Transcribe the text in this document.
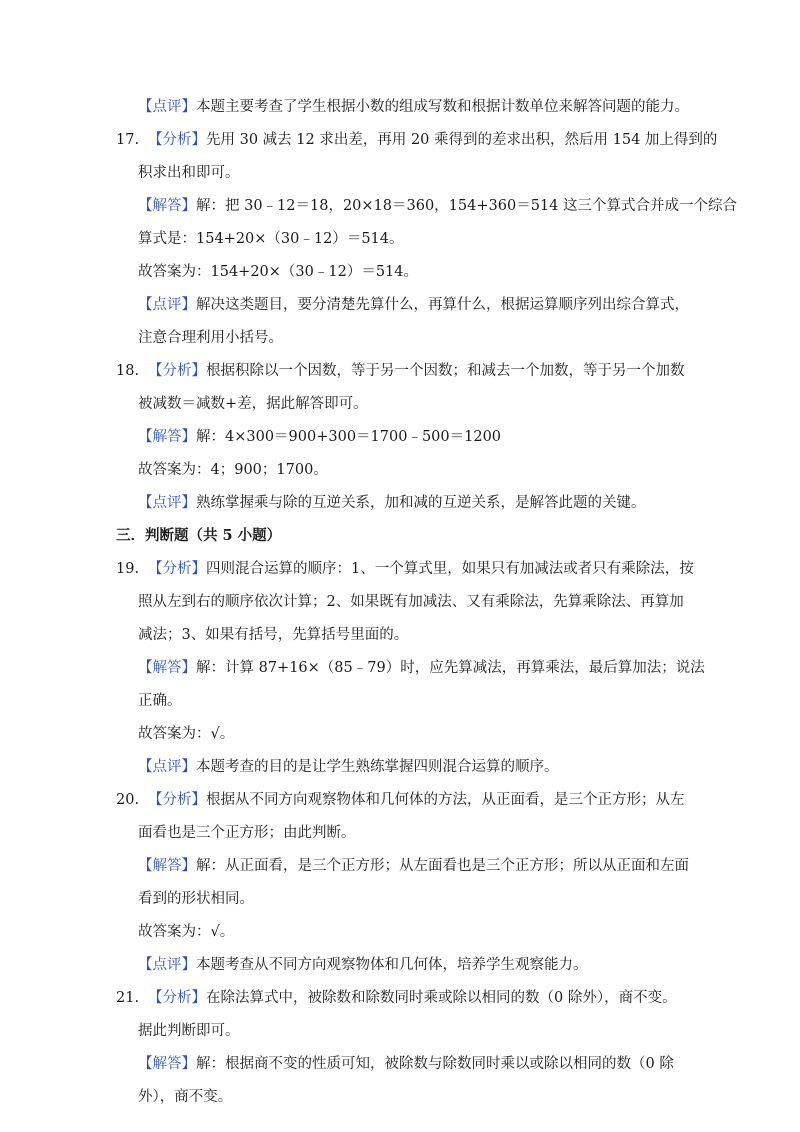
【点评】本题主要考查了学生根据小数的组成写数和根据计数单位来解答问题的能力。
17. 【分析】先用 30 减去 12 求出差，再用 20 乘得到的差求出积，然后用 154 加上得到的
积求出和即可。
【解答】解：把 30﹣12＝18，20×18＝360，154+360＝514 这三个算式合并成一个综合
算式是：154+20×（30﹣12）＝514。
故答案为：154+20×（30﹣12）＝514。
【点评】解决这类题目，要分清楚先算什么，再算什么，根据运算顺序列出综合算式，
注意合理利用小括号。
18. 【分析】根据积除以一个因数，等于另一个因数；和减去一个加数，等于另一个加数
被减数＝减数+差，据此解答即可。
【解答】解：4×300＝900+300＝1700﹣500＝1200
故答案为：4；900；1700。
【点评】熟练掌握乘与除的互逆关系，加和减的互逆关系，是解答此题的关键。
三．判断题（共 5 小题）
19. 【分析】四则混合运算的顺序：1、一个算式里，如果只有加减法或者只有乘除法，按
照从左到右的顺序依次计算；2、如果既有加减法、又有乘除法，先算乘除法、再算加
减法；3、如果有括号，先算括号里面的。
【解答】解：计算 87+16×（85﹣79）时，应先算减法，再算乘法，最后算加法；说法
正确。
故答案为：√。
【点评】本题考查的目的是让学生熟练掌握四则混合运算的顺序。
20. 【分析】根据从不同方向观察物体和几何体的方法，从正面看，是三个正方形；从左
面看也是三个正方形；由此判断。
【解答】解：从正面看，是三个正方形；从左面看也是三个正方形；所以从正面和左面
看到的形状相同。
故答案为：√。
【点评】本题考查从不同方向观察物体和几何体，培养学生观察能力。
21. 【分析】在除法算式中，被除数和除数同时乘或除以相同的数（0 除外），商不变。
据此判断即可。
【解答】解：根据商不变的性质可知，被除数与除数同时乘以或除以相同的数（0 除
外），商不变。
